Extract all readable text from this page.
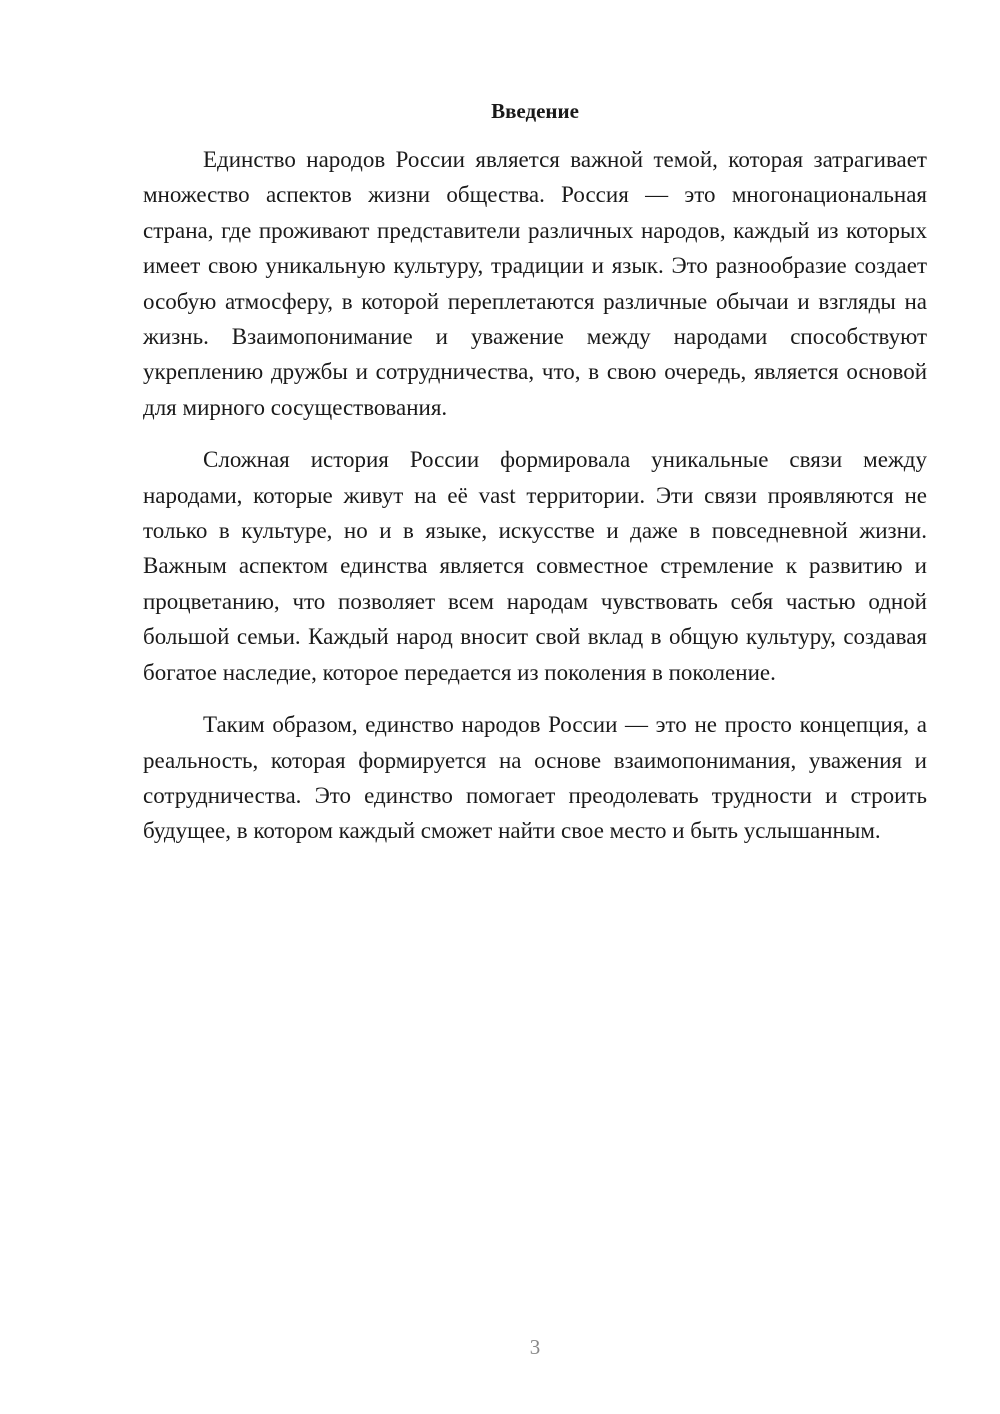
Введение

Единство народов России является важной темой, которая затрагивает множество аспектов жизни общества. Россия — это многонациональная страна, где проживают представители различных народов, каждый из которых имеет свою уникальную культуру, традиции и язык. Это разнообразие создает особую атмосферу, в которой переплетаются различные обычаи и взгляды на жизнь. Взаимопонимание и уважение между народами способствуют укреплению дружбы и сотрудничества, что, в свою очередь, является основой для мирного сосуществования.

Сложная история России формировала уникальные связи между народами, которые живут на её vast территории. Эти связи проявляются не только в культуре, но и в языке, искусстве и даже в повседневной жизни. Важным аспектом единства является совместное стремление к развитию и процветанию, что позволяет всем народам чувствовать себя частью одной большой семьи. Каждый народ вносит свой вклад в общую культуру, создавая богатое наследие, которое передается из поколения в поколение.

Таким образом, единство народов России — это не просто концепция, а реальность, которая формируется на основе взаимопонимания, уважения и сотрудничества. Это единство помогает преодолевать трудности и строить будущее, в котором каждый сможет найти свое место и быть услышанным.

3
